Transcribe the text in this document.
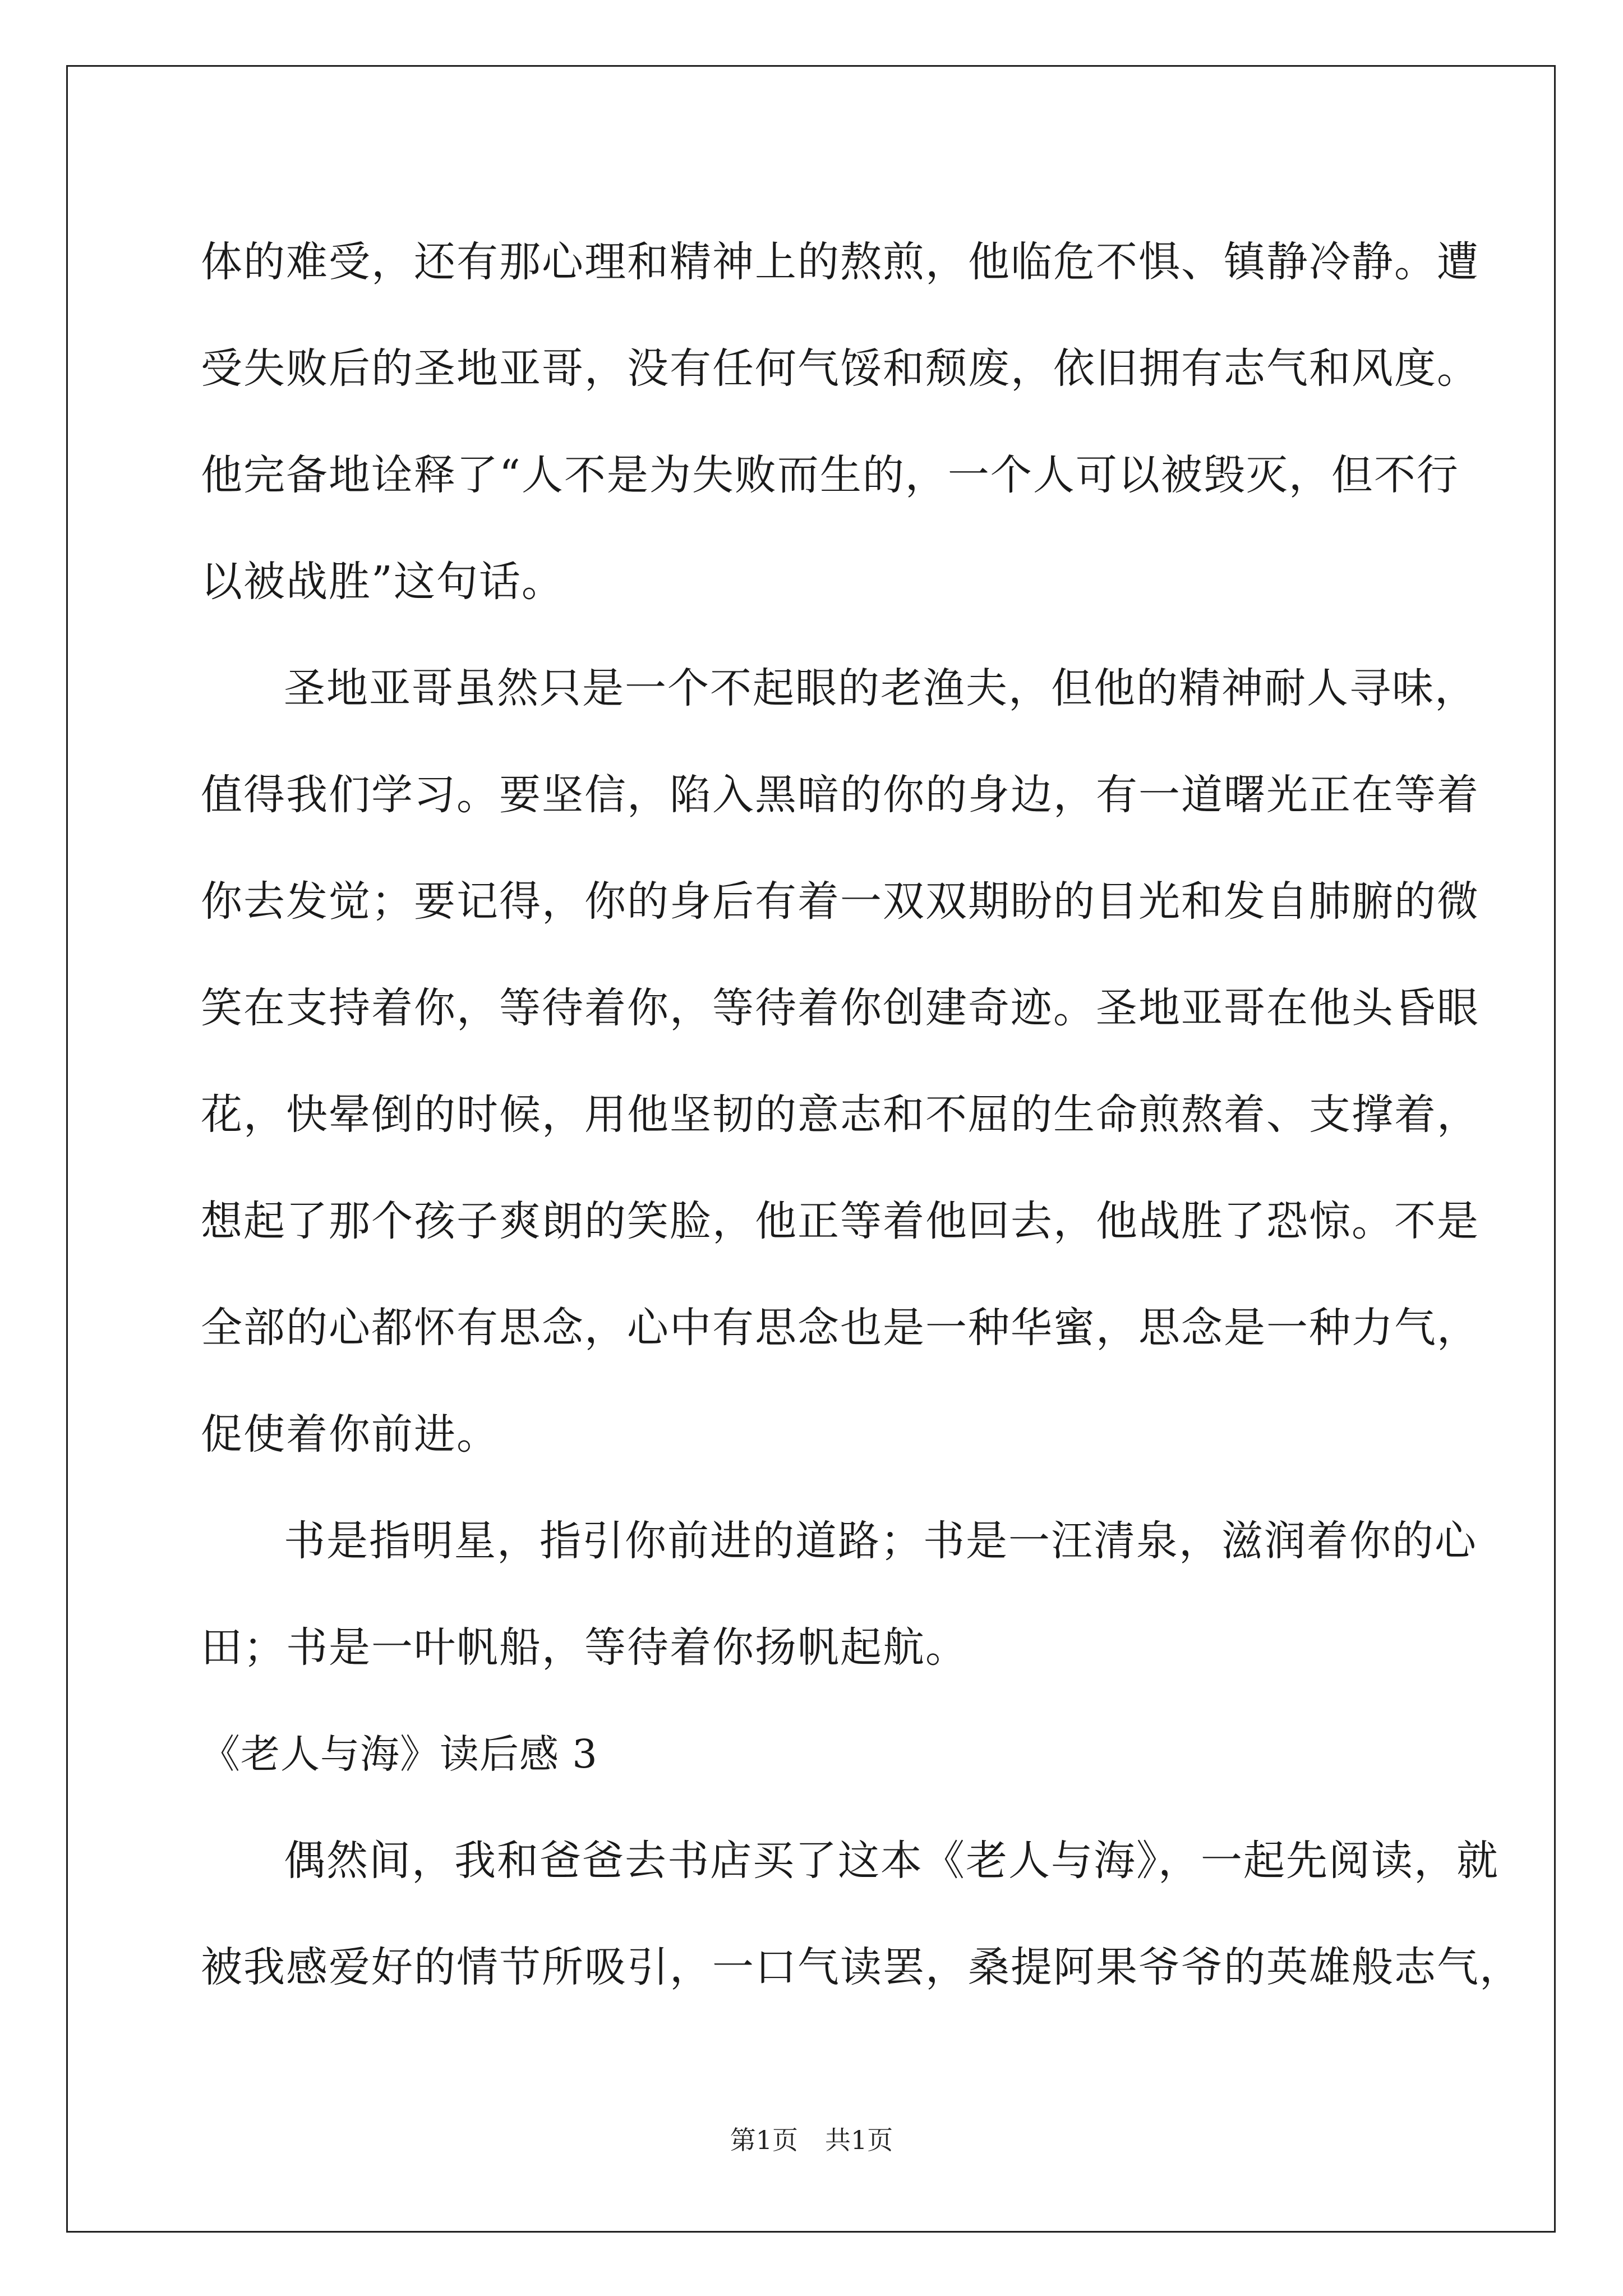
体的难受，还有那心理和精神上的熬煎，他临危不惧、镇静冷静。遭
受失败后的圣地亚哥，没有任何气馁和颓废，依旧拥有志气和风度。
他完备地诠释了“人不是为失败而生的，一个人可以被毁灭，但不行
以被战胜”这句话。
圣地亚哥虽然只是一个不起眼的老渔夫，但他的精神耐人寻味，
值得我们学习。要坚信，陷入黑暗的你的身边，有一道曙光正在等着
你去发觉；要记得，你的身后有着一双双期盼的目光和发自肺腑的微
笑在支持着你，等待着你，等待着你创建奇迹。圣地亚哥在他头昏眼
花，快晕倒的时候，用他坚韧的意志和不屈的生命煎熬着、支撑着，
想起了那个孩子爽朗的笑脸，他正等着他回去，他战胜了恐惊。不是
全部的心都怀有思念，心中有思念也是一种华蜜，思念是一种力气，
促使着你前进。
书是指明星，指引你前进的道路；书是一汪清泉，滋润着你的心
田；书是一叶帆船，等待着你扬帆起航。
《老人与海》读后感 3
偶然间，我和爸爸去书店买了这本《老人与海》，一起先阅读，就
被我感爱好的情节所吸引，一口气读罢，桑提阿果爷爷的英雄般志气，
第1页 共1页
